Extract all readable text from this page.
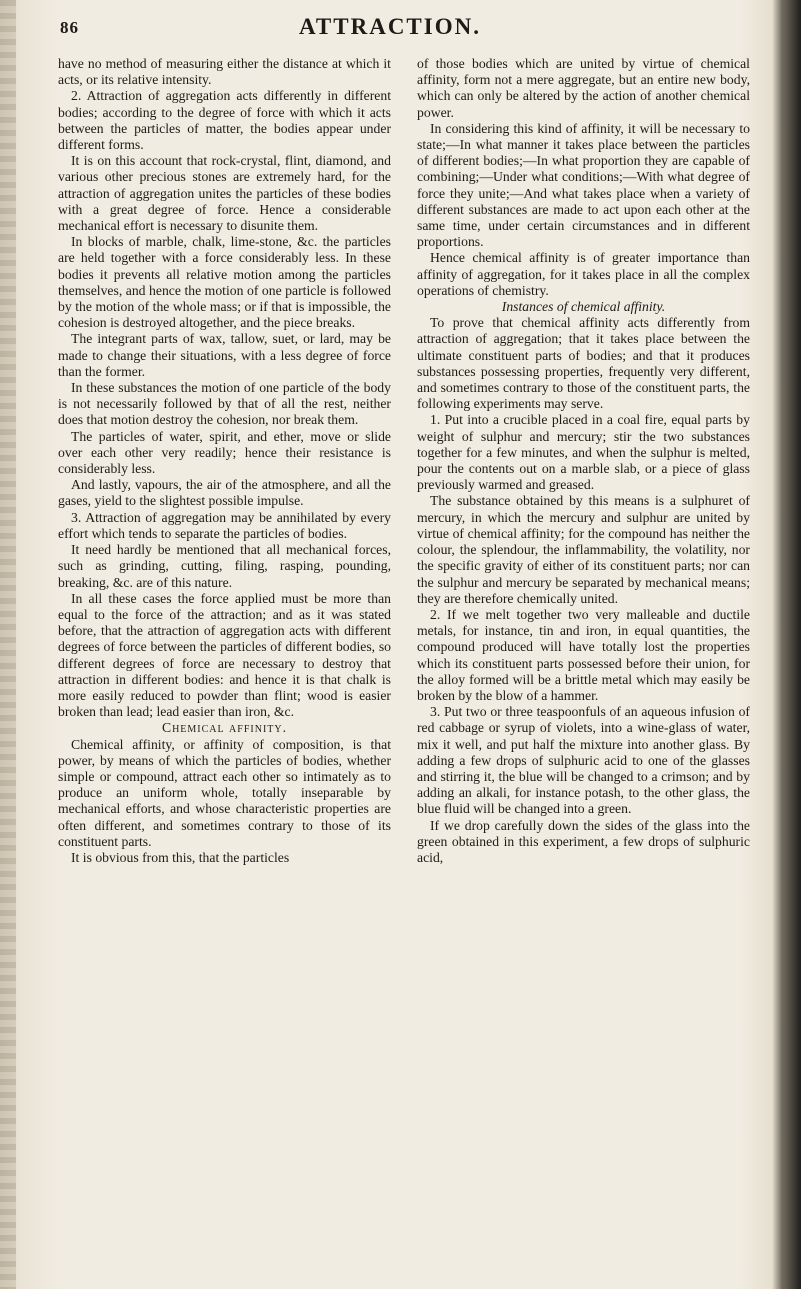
86	ATTRACTION.

have no method of measuring either the distance at which it acts, or its relative intensity.

2. Attraction of aggregation acts differently in different bodies; according to the degree of force with which it acts between the particles of matter, the bodies appear under different forms.

It is on this account that rock-crystal, flint, diamond, and various other precious stones are extremely hard, for the attraction of aggregation unites the particles of these bodies with a great degree of force. Hence a considerable mechanical effort is necessary to disunite them.

In blocks of marble, chalk, lime-stone, &c. the particles are held together with a force considerably less. In these bodies it prevents all relative motion among the particles themselves, and hence the motion of one particle is followed by the motion of the whole mass; or if that is impossible, the cohesion is destroyed altogether, and the piece breaks.

The integrant parts of wax, tallow, suet, or lard, may be made to change their situations, with a less degree of force than the former.

In these substances the motion of one particle of the body is not necessarily followed by that of all the rest, neither does that motion destroy the cohesion, nor break them.

The particles of water, spirit, and ether, move or slide over each other very readily; hence their resistance is considerably less.

And lastly, vapours, the air of the atmosphere, and all the gases, yield to the slightest possible impulse.

3. Attraction of aggregation may be annihilated by every effort which tends to separate the particles of bodies.

It need hardly be mentioned that all mechanical forces, such as grinding, cutting, filing, rasping, pounding, breaking, &c. are of this nature.

In all these cases the force applied must be more than equal to the force of the attraction; and as it was stated before, that the attraction of aggregation acts with different degrees of force between the particles of different bodies, so different degrees of force are necessary to destroy that attraction in different bodies: and hence it is that chalk is more easily reduced to powder than flint; wood is easier broken than lead; lead easier than iron, &c.

Chemical affinity.

Chemical affinity, or affinity of composition, is that power, by means of which the particles of bodies, whether simple or compound, attract each other so intimately as to produce an uniform whole, totally inseparable by mechanical efforts, and whose characteristic properties are often different, and sometimes contrary to those of its constituent parts.

It is obvious from this, that the particles

of those bodies which are united by virtue of chemical affinity, form not a mere aggregate, but an entire new body, which can only be altered by the action of another chemical power.

In considering this kind of affinity, it will be necessary to state;—In what manner it takes place between the particles of different bodies;—In what proportion they are capable of combining;—Under what conditions;—With what degree of force they unite;—And what takes place when a variety of different substances are made to act upon each other at the same time, under certain circumstances and in different proportions.

Hence chemical affinity is of greater importance than affinity of aggregation, for it takes place in all the complex operations of chemistry.

Instances of chemical affinity.

To prove that chemical affinity acts differently from attraction of aggregation; that it takes place between the ultimate constituent parts of bodies; and that it produces substances possessing properties, frequently very different, and sometimes contrary to those of the constituent parts, the following experiments may serve.

1. Put into a crucible placed in a coal fire, equal parts by weight of sulphur and mercury; stir the two substances together for a few minutes, and when the sulphur is melted, pour the contents out on a marble slab, or a piece of glass previously warmed and greased.

The substance obtained by this means is a sulphuret of mercury, in which the mercury and sulphur are united by virtue of chemical affinity; for the compound has neither the colour, the splendour, the inflammability, the volatility, nor the specific gravity of either of its constituent parts; nor can the sulphur and mercury be separated by mechanical means; they are therefore chemically united.

2. If we melt together two very malleable and ductile metals, for instance, tin and iron, in equal quantities, the compound produced will have totally lost the properties which its constituent parts possessed before their union, for the alloy formed will be a brittle metal which may easily be broken by the blow of a hammer.

3. Put two or three teaspoonfuls of an aqueous infusion of red cabbage or syrup of violets, into a wine-glass of water, mix it well, and put half the mixture into another glass. By adding a few drops of sulphuric acid to one of the glasses and stirring it, the blue will be changed to a crimson; and by adding an alkali, for instance potash, to the other glass, the blue fluid will be changed into a green.

If we drop carefully down the sides of the glass into the green obtained in this experiment, a few drops of sulphuric acid,
